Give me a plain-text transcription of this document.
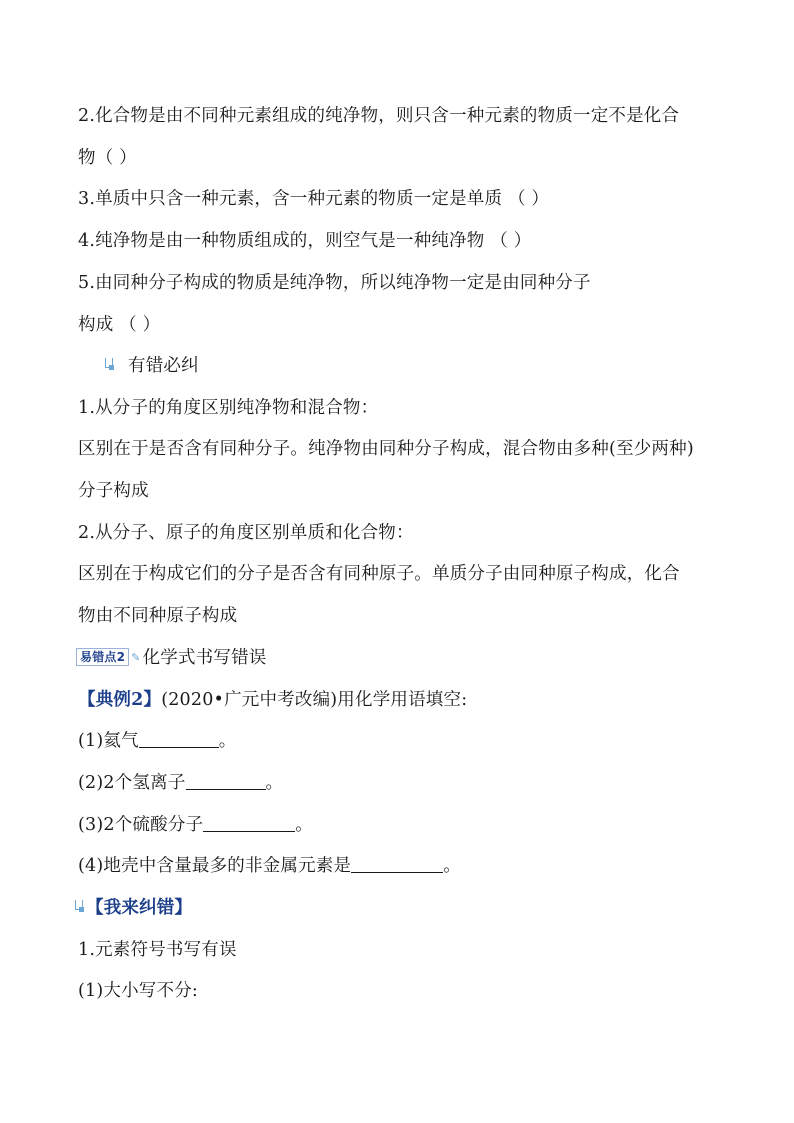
2.化合物是由不同种元素组成的纯净物，则只含一种元素的物质一定不是化合
物（ ）
3.单质中只含一种元素，含一种元素的物质一定是单质 （ ）
4.纯净物是由一种物质组成的，则空气是一种纯净物 （ ）
5.由同种分子构成的物质是纯净物，所以纯净物一定是由同种分子
构成 （ ）
有错必纠
1.从分子的角度区别纯净物和混合物：
区别在于是否含有同种分子。纯净物由同种分子构成，混合物由多种(至少两种)
分子构成
2.从分子、原子的角度区别单质和化合物：
区别在于构成它们的分子是否含有同种原子。单质分子由同种原子构成，化合
物由不同种原子构成
易错点2 ✎ 化学式书写错误
【典例2】(2020•广元中考改编)用化学用语填空:
(1)氦气	。
(2)2个氢离子	。
(3)2个硫酸分子	。
(4)地壳中含量最多的非金属元素是	。
【我来纠错】
1.元素符号书写有误
(1)大小写不分:
